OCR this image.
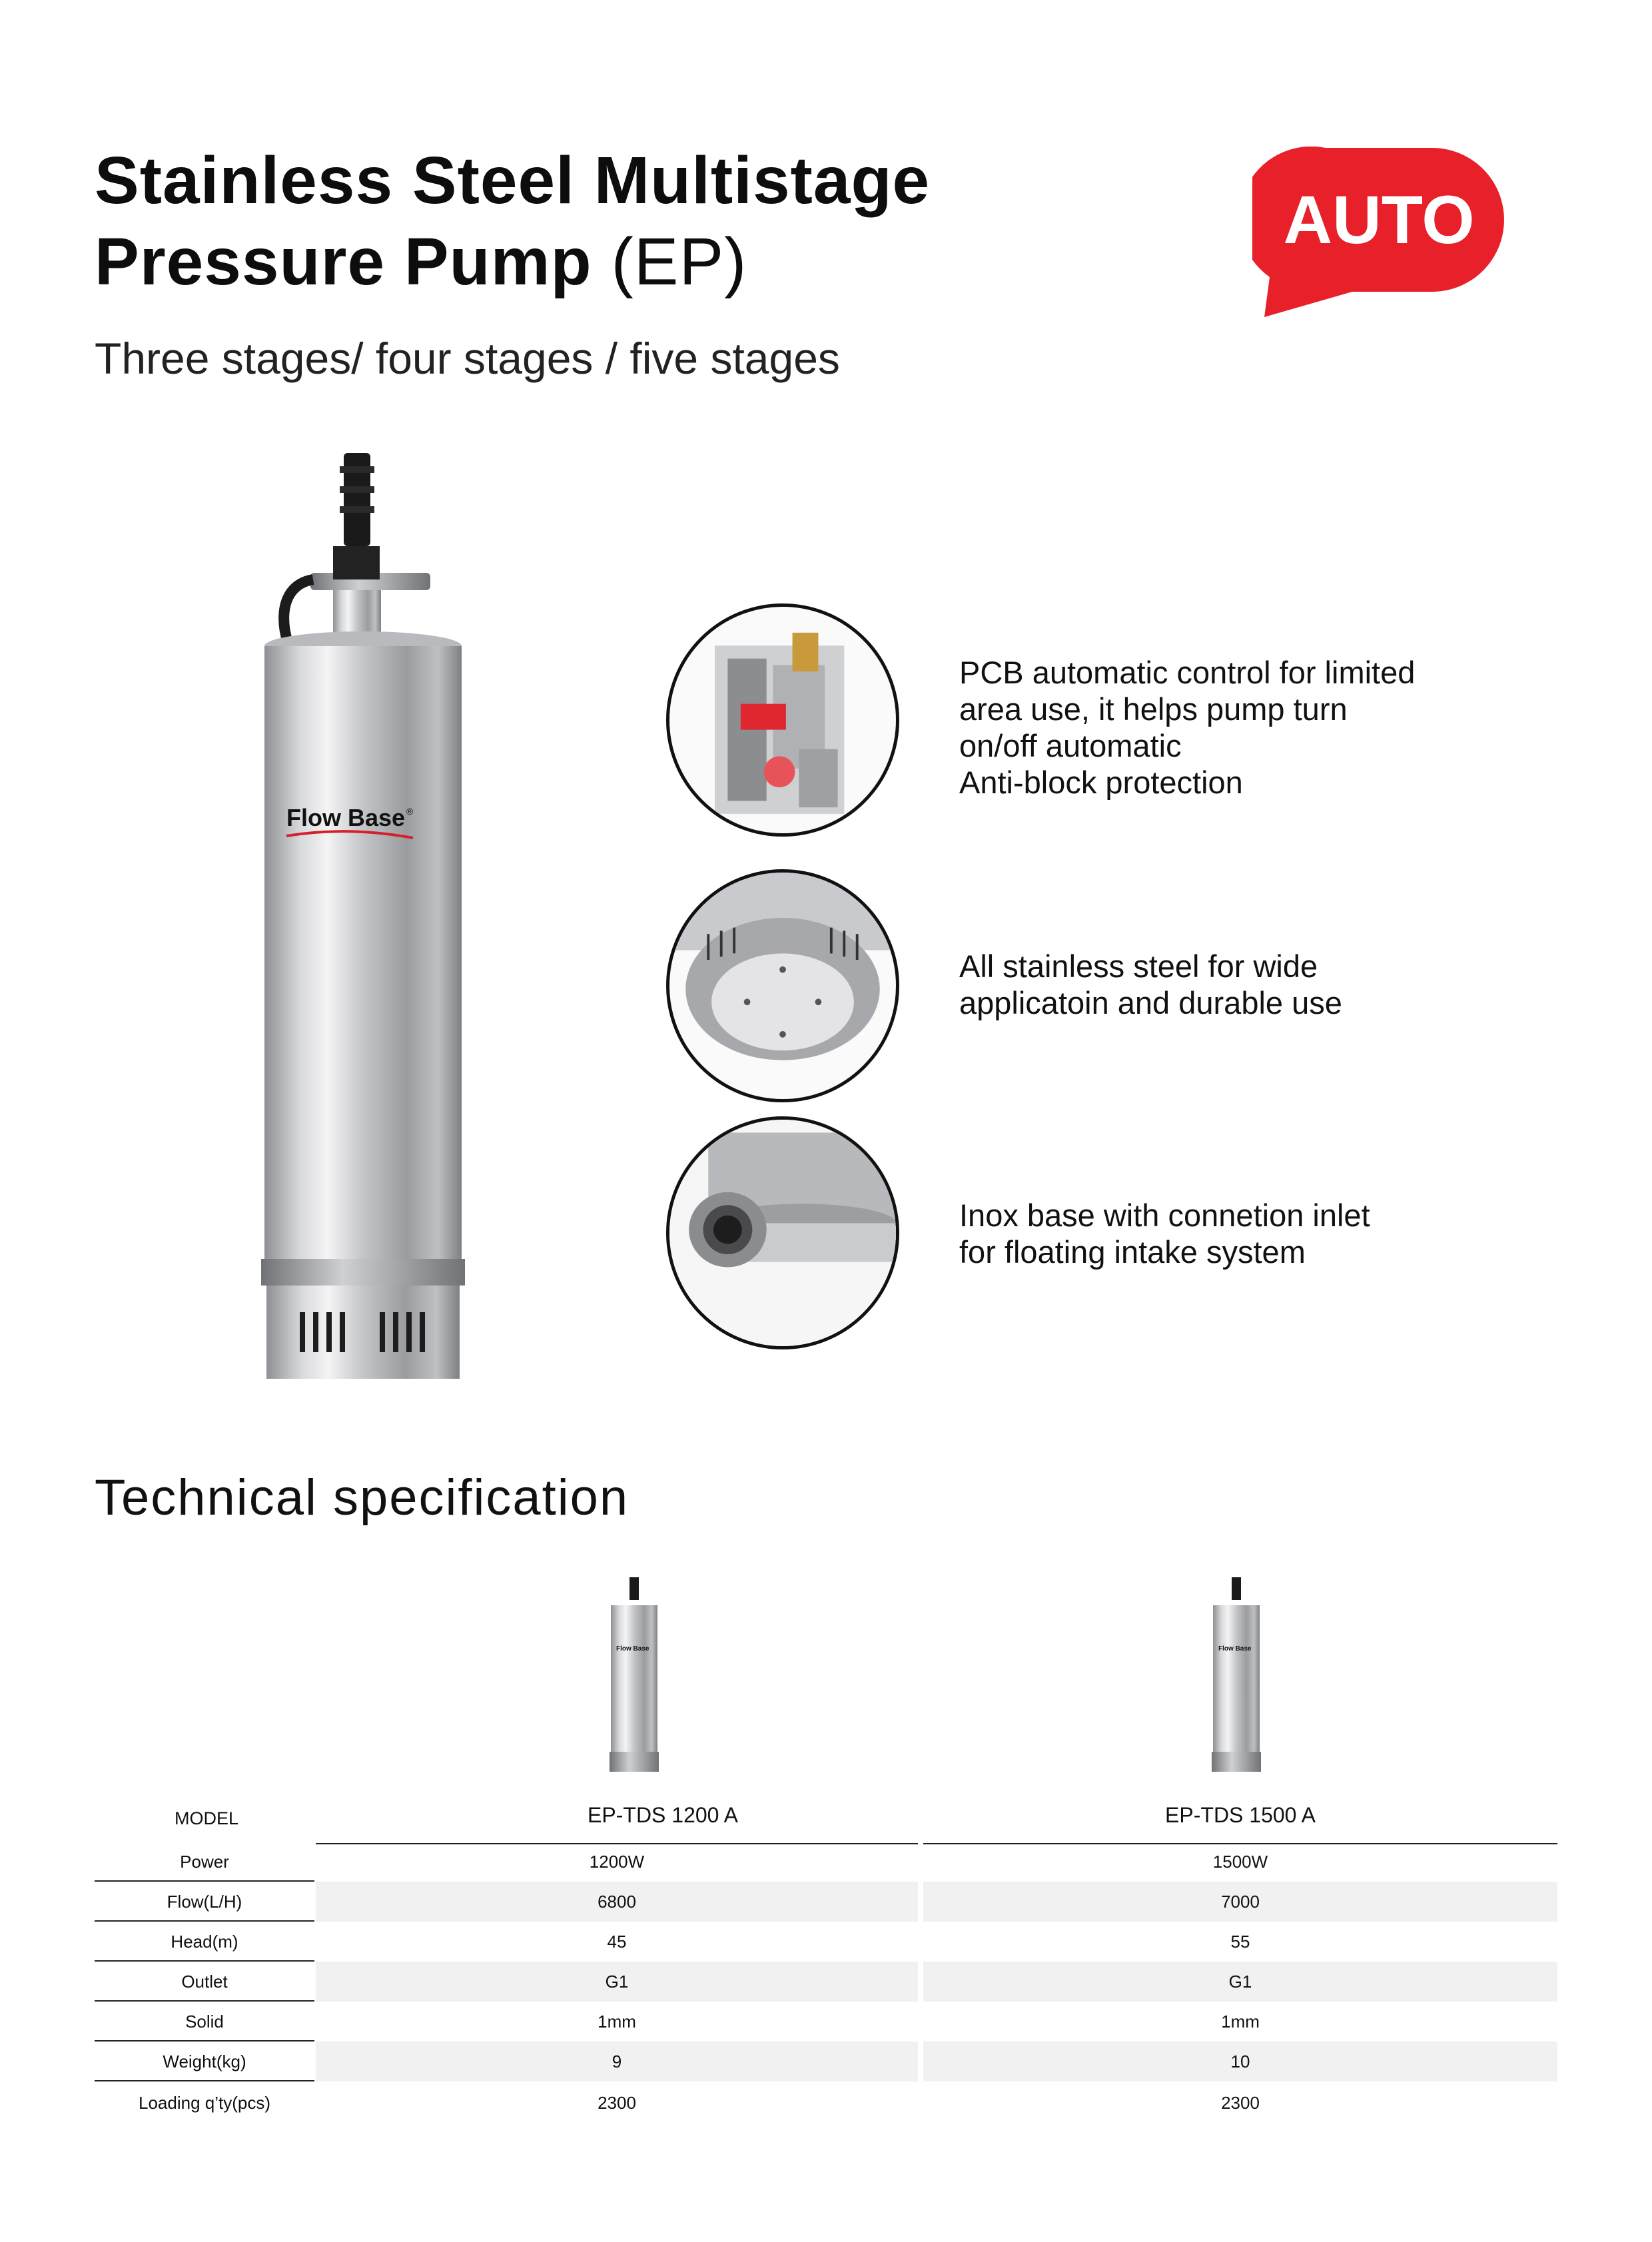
Stainless Steel Multistage
Pressure Pump (EP)
Three stages/ four stages / five stages
AUTO
Flow Base ®
PCB automatic control for limited
area use, it helps pump turn
on/off automatic
Anti-block protection
All stainless steel for wide
applicatoin and durable use
Inox base with connetion inlet
for floating intake system
Technical specification
Flow Base	Flow Base
MODEL	EP-TDS 1200 A	EP-TDS 1500 A
Power	1200W	1500W
Flow(L/H)	6800	7000
Head(m)	45	55
Outlet	G1	G1
Solid	1mm	1mm
Weight(kg)	9	10
Loading q’ty(pcs)	2300	2300
